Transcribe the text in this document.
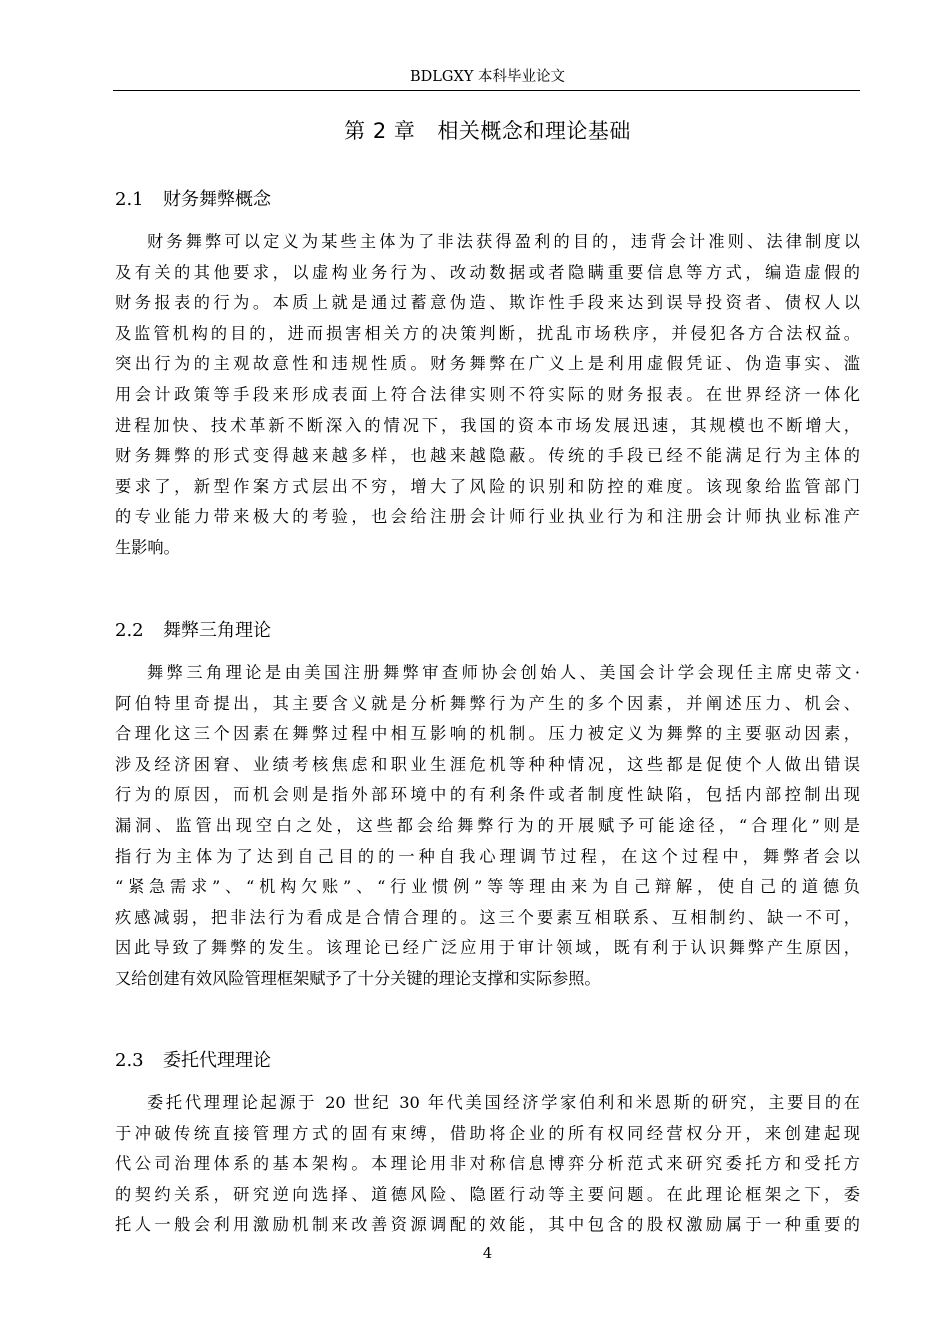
BDLGXY 本科毕业论文
第 2 章 相关概念和理论基础
2.1 财务舞弊概念
财务舞弊可以定义为某些主体为了非法获得盈利的目的，违背会计准则、法律制度以
及有关的其他要求，以虚构业务行为、改动数据或者隐瞒重要信息等方式，编造虚假的
财务报表的行为。本质上就是通过蓄意伪造、欺诈性手段来达到误导投资者、债权人以
及监管机构的目的，进而损害相关方的决策判断，扰乱市场秩序，并侵犯各方合法权益。
突出行为的主观故意性和违规性质。财务舞弊在广义上是利用虚假凭证、伪造事实、滥
用会计政策等手段来形成表面上符合法律实则不符实际的财务报表。在世界经济一体化
进程加快、技术革新不断深入的情况下，我国的资本市场发展迅速，其规模也不断增大，
财务舞弊的形式变得越来越多样，也越来越隐蔽。传统的手段已经不能满足行为主体的
要求了，新型作案方式层出不穷，增大了风险的识别和防控的难度。该现象给监管部门
的专业能力带来极大的考验，也会给注册会计师行业执业行为和注册会计师执业标准产
生影响。
2.2 舞弊三角理论
舞弊三角理论是由美国注册舞弊审查师协会创始人、美国会计学会现任主席史蒂文·
阿伯特里奇提出，其主要含义就是分析舞弊行为产生的多个因素，并阐述压力、机会、
合理化这三个因素在舞弊过程中相互影响的机制。压力被定义为舞弊的主要驱动因素，
涉及经济困窘、业绩考核焦虑和职业生涯危机等种种情况，这些都是促使个人做出错误
行为的原因，而机会则是指外部环境中的有利条件或者制度性缺陷，包括内部控制出现
漏洞、监管出现空白之处，这些都会给舞弊行为的开展赋予可能途径，“合理化”则是
指行为主体为了达到自己目的的一种自我心理调节过程，在这个过程中，舞弊者会以
“紧急需求”、“机构欠账”、“行业惯例”等等理由来为自己辩解，使自己的道德负
疚感减弱，把非法行为看成是合情合理的。这三个要素互相联系、互相制约、缺一不可，
因此导致了舞弊的发生。该理论已经广泛应用于审计领域，既有利于认识舞弊产生原因，
又给创建有效风险管理框架赋予了十分关键的理论支撑和实际参照。
2.3 委托代理理论
委托代理理论起源于 20 世纪 30 年代美国经济学家伯利和米恩斯的研究，主要目的在
于冲破传统直接管理方式的固有束缚，借助将企业的所有权同经营权分开，来创建起现
代公司治理体系的基本架构。本理论用非对称信息博弈分析范式来研究委托方和受托方
的契约关系，研究逆向选择、道德风险、隐匿行动等主要问题。在此理论框架之下，委
托人一般会利用激励机制来改善资源调配的效能，其中包含的股权激励属于一种重要的
4
